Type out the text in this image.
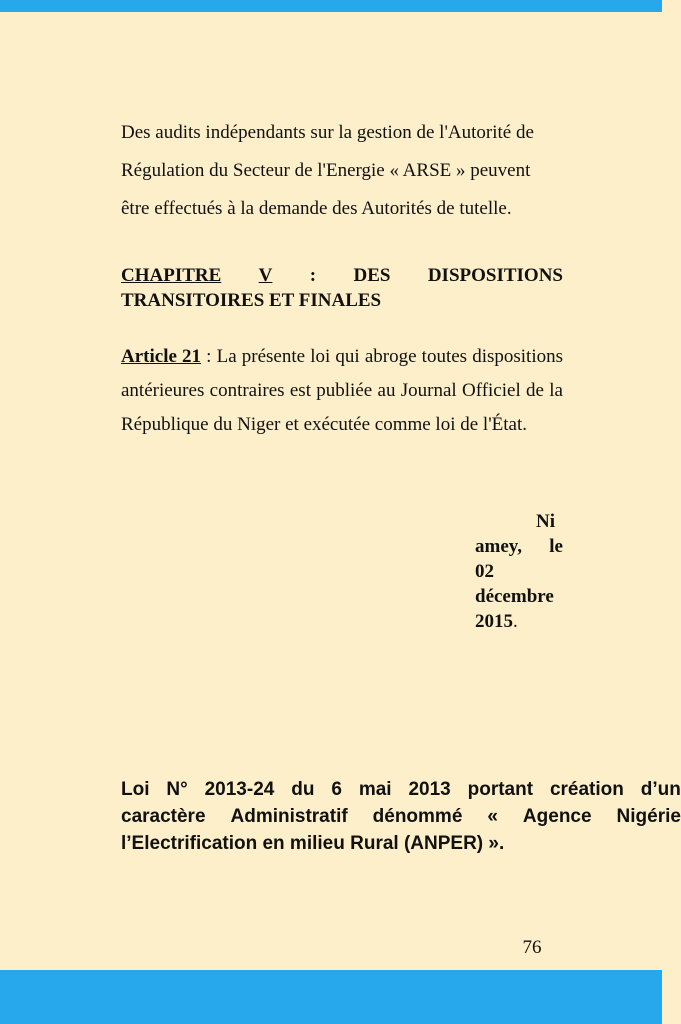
Des audits indépendants sur la gestion de l'Autorité de
Régulation du Secteur de l'Energie « ARSE » peuvent
être effectués à la demande des Autorités de tutelle.
CHAPITRE V : DES DISPOSITIONS
TRANSITOIRES ET FINALES
Article 21 : La présente loi qui abroge toutes dispositions antérieures contraires est publiée au Journal Officiel de la République du Niger et exécutée comme loi de l'État.
Ni
amey, le
02
décembre
2015.
Loi N° 2013-24 du 6 mai 2013 portant création d’un
caractère Administratif dénommé « Agence Nigérie
l’Electrification en milieu Rural (ANPER) ».
76
